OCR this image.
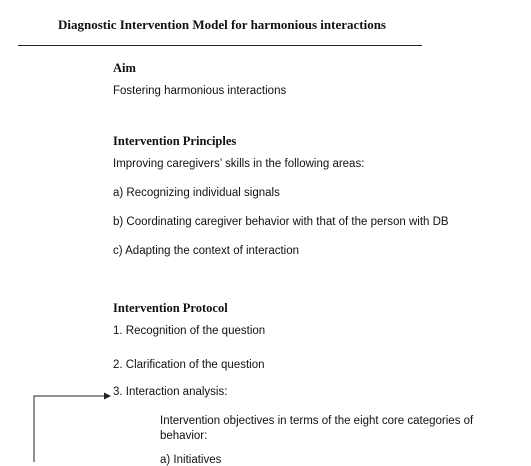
Diagnostic Intervention Model for harmonious interactions
Aim
Fostering harmonious interactions
Intervention Principles
Improving caregivers’ skills in the following areas:
a) Recognizing individual signals
b) Coordinating caregiver behavior with that of the person with DB
c) Adapting the context of interaction
Intervention Protocol
1. Recognition of the question
2. Clarification of the question
3. Interaction analysis:
Intervention objectives in terms of the eight core categories of behavior:
a) Initiatives
